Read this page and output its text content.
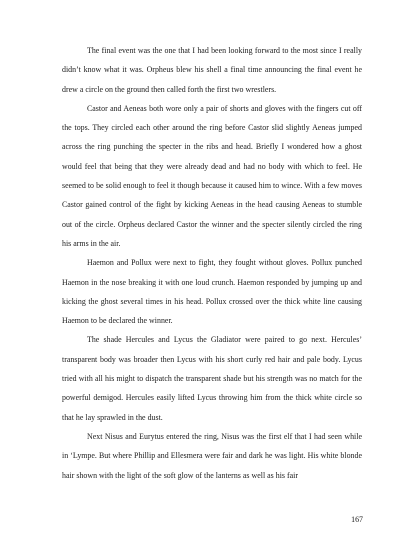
The final event was the one that I had been looking forward to the most since I really didn’t know what it was. Orpheus blew his shell a final time announcing the final event he drew a circle on the ground then called forth the first two wrestlers.

Castor and Aeneas both wore only a pair of shorts and gloves with the fingers cut off the tops. They circled each other around the ring before Castor slid slightly Aeneas jumped across the ring punching the specter in the ribs and head. Briefly I wondered how a ghost would feel that being that they were already dead and had no body with which to feel. He seemed to be solid enough to feel it though because it caused him to wince. With a few moves Castor gained control of the fight by kicking Aeneas in the head causing Aeneas to stumble out of the circle. Orpheus declared Castor the winner and the specter silently circled the ring his arms in the air.

Haemon and Pollux were next to fight, they fought without gloves. Pollux punched Haemon in the nose breaking it with one loud crunch. Haemon responded by jumping up and kicking the ghost several times in his head. Pollux crossed over the thick white line causing Haemon to be declared the winner.

The shade Hercules and Lycus the Gladiator were paired to go next. Hercules’ transparent body was broader then Lycus with his short curly red hair and pale body. Lycus tried with all his might to dispatch the transparent shade but his strength was no match for the powerful demigod. Hercules easily lifted Lycus throwing him from the thick white circle so that he lay sprawled in the dust.

Next Nisus and Eurytus entered the ring, Nisus was the first elf that I had seen while in ‘Lympe. But where Phillip and Ellesmera were fair and dark he was light. His white blonde hair shown with the light of the soft glow of the lanterns as well as his fair

167
